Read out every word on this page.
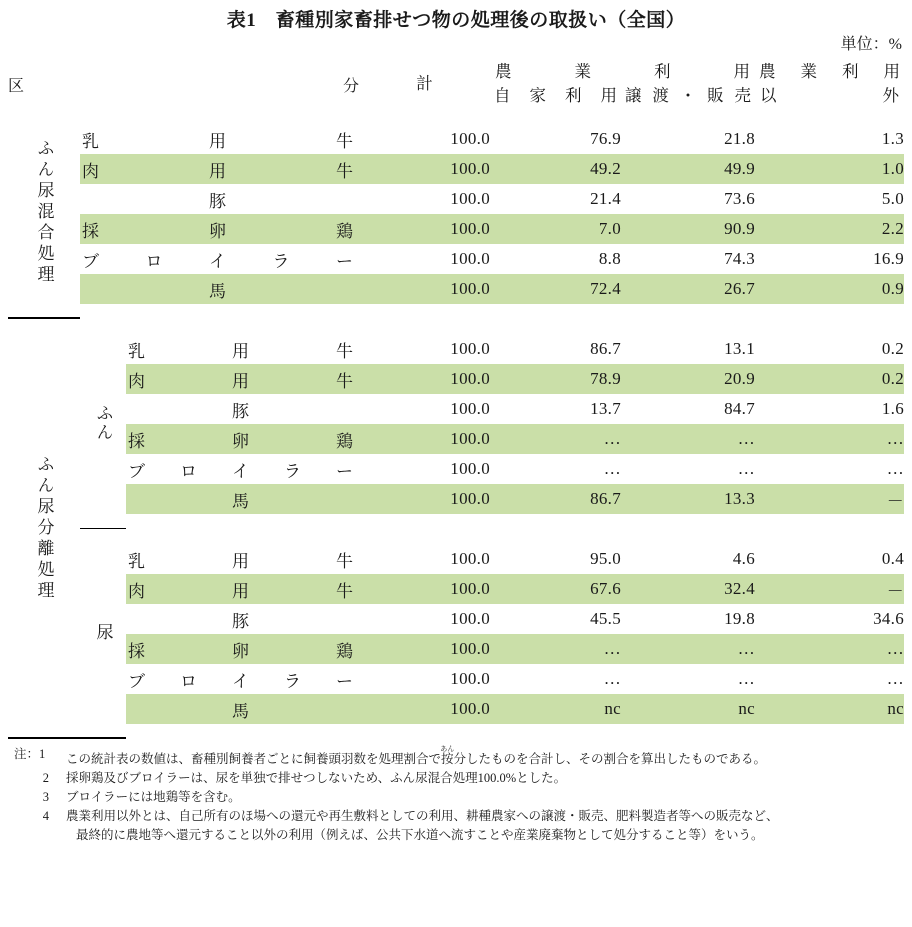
表1　畜種別家畜排せつ物の処理後の取扱い（全国）
単位：%
区 分			計	農 業 利 用		農 業 利 用

				自 家 利 用	譲 渡 ・ 販 売	以 外

ふん尿混合処理						

	乳 用 牛		100.0	76.9	21.8	1.3

	肉 用 牛		100.0	49.2	49.9	1.0

	豚		100.0	21.4	73.6	5.0

	採 卵 鶏		100.0	7.0	90.9	2.2

	ブ ロ イ ラ ー		100.0	8.8	74.3	16.9

	馬		100.0	72.4	26.7	0.9

ふん尿分離処理	ふん					

		乳 用 牛	100.0	86.7	13.1	0.2

		肉 用 牛	100.0	78.9	20.9	0.2

		豚	100.0	13.7	84.7	1.6

		採 卵 鶏	100.0	…	…	…

		ブ ロ イ ラ ー	100.0	…	…	…

		馬	100.0	86.7	13.3	－

	尿					

		乳 用 牛	100.0	95.0	4.6	0.4

		肉 用 牛	100.0	67.6	32.4	－

		豚	100.0	45.5	19.8	34.6

		採 卵 鶏	100.0	…	…	…

		ブ ロ イ ラ ー	100.0	…	…	…

		馬	100.0	nc	nc	nc

注：1	この統計表の数値は、畜種別飼養者ごとに飼養頭羽数を処理割合で按あん分したものを合計し、その割合を算出したものである。
2	採卵鶏及びブロイラーは、尿を単独で排せつしないため、ふん尿混合処理100.0%とした。
3	ブロイラーには地鶏等を含む。
4	農業利用以外とは、自己所有のほ場への還元や再生敷料としての利用、耕種農家への譲渡・販売、肥料製造者等への販売など、
最終的に農地等へ還元すること以外の利用（例えば、公共下水道へ流すことや産業廃棄物として処分すること等）をいう。
